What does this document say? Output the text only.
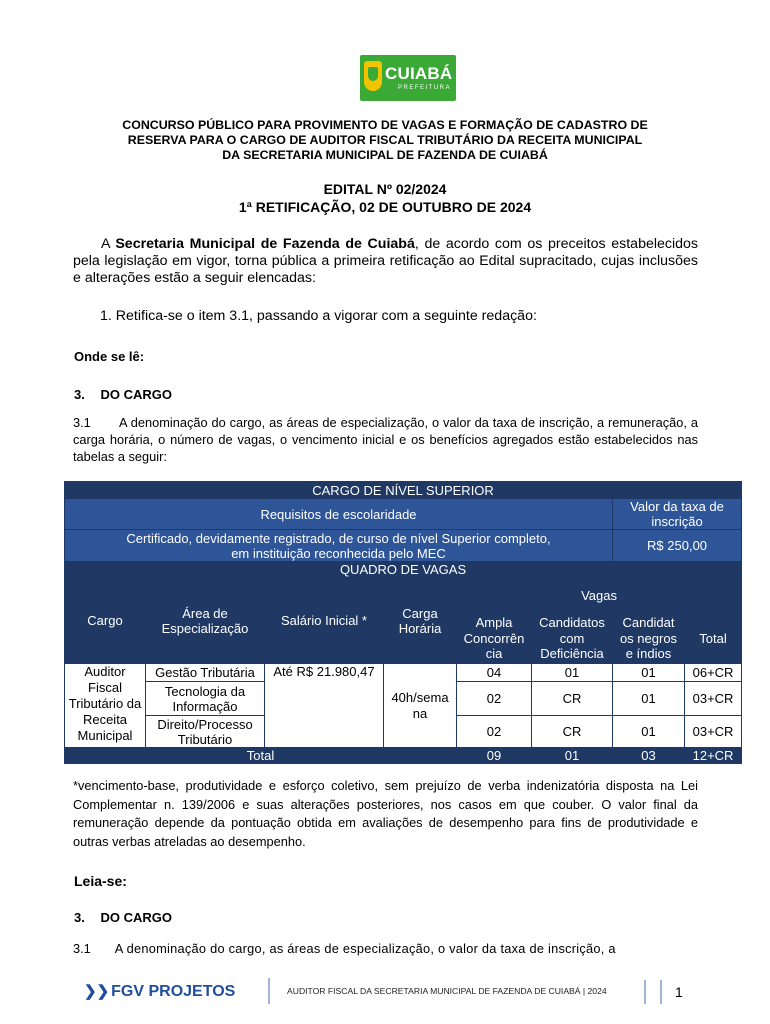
CUIABÁ
PREFEITURA
CONCURSO PÚBLICO PARA PROVIMENTO DE VAGAS E FORMAÇÃO DE CADASTRO DE
RESERVA PARA O CARGO DE AUDITOR FISCAL TRIBUTÁRIO DA RECEITA MUNICIPAL
DA SECRETARIA MUNICIPAL DE FAZENDA DE CUIABÁ
EDITAL Nº 02/2024
1ª RETIFICAÇÃO, 02 DE OUTUBRO DE 2024
A Secretaria Municipal de Fazenda de Cuiabá, de acordo com os preceitos estabelecidos pela legislação em vigor, torna pública a primeira retificação ao Edital supracitado, cujas inclusões e alterações estão a seguir elencadas:
1. Retifica-se o item 3.1, passando a vigorar com a seguinte redação:
Onde se lê:
3. DO CARGO
3.1 A denominação do cargo, as áreas de especialização, o valor da taxa de inscrição, a remuneração, a carga horária, o número de vagas, o vencimento inicial e os benefícios agregados estão estabelecidos nas tabelas a seguir:
CARGO DE NÍVEL SUPERIOR							
Requisitos de escolaridade						Valor da taxa de inscrição	

Certificado, devidamente registrado, de curso de nível Superior completo,
em instituição reconhecida pelo MEC						R$ 250,00	
QUADRO DE VAGAS							
Cargo	Área de Especialização	Salário Inicial *	Carga Horária	Vagas			
				Ampla Concorrên cia	Candidatos com Deficiência	Candidat os negros e índios	Total
Auditor Fiscal Tributário da Receita Municipal	Gestão Tributária	Até R$ 21.980,47	40h/sema na	04	01	01	06+CR
	Tecnologia da Informação			02	CR	01	03+CR
	Direito/Processo Tributário			02	CR	01	03+CR
Total				09	01	03	12+CR
*vencimento-base, produtividade e esforço coletivo, sem prejuízo de verba indenizatória disposta na Lei Complementar n. 139/2006 e suas alterações posteriores, nos casos em que couber. O valor final da remuneração depende da pontuação obtida em avaliações de desempenho para fins de produtividade e outras verbas atreladas ao desempenho.
Leia-se:
3. DO CARGO
3.1 A denominação do cargo, as áreas de especialização, o valor da taxa de inscrição, a
❯❯ FGV PROJETOS	AUDITOR FISCAL DA SECRETARIA MUNICIPAL DE FAZENDA DE CUIABÁ | 2024	1
